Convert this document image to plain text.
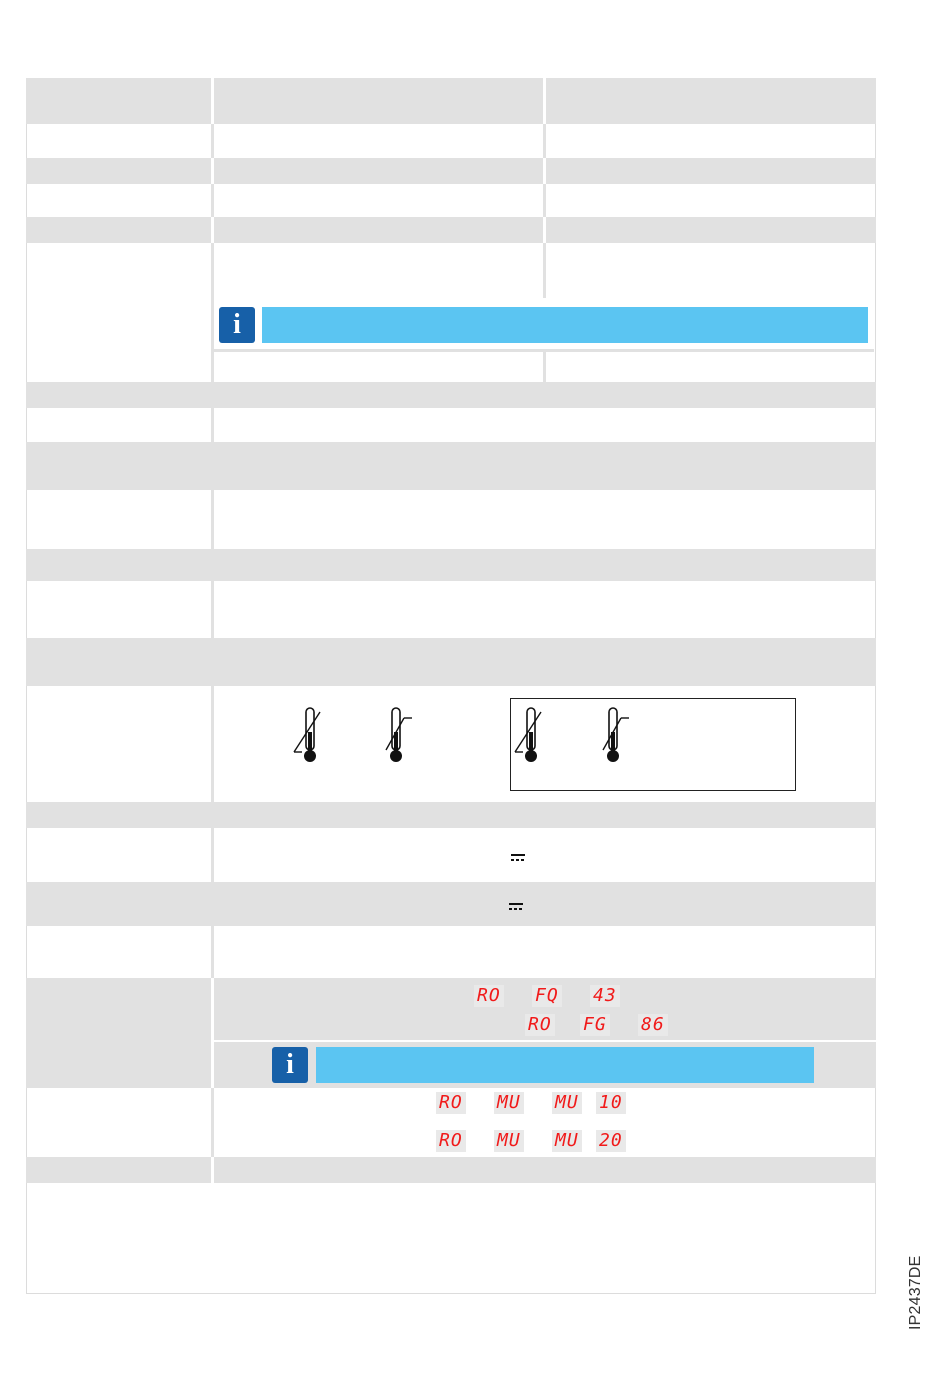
i
RO FQ 43
RO FG 86
i
RO MU MU 10
RO MU MU 20
IP2437DE
